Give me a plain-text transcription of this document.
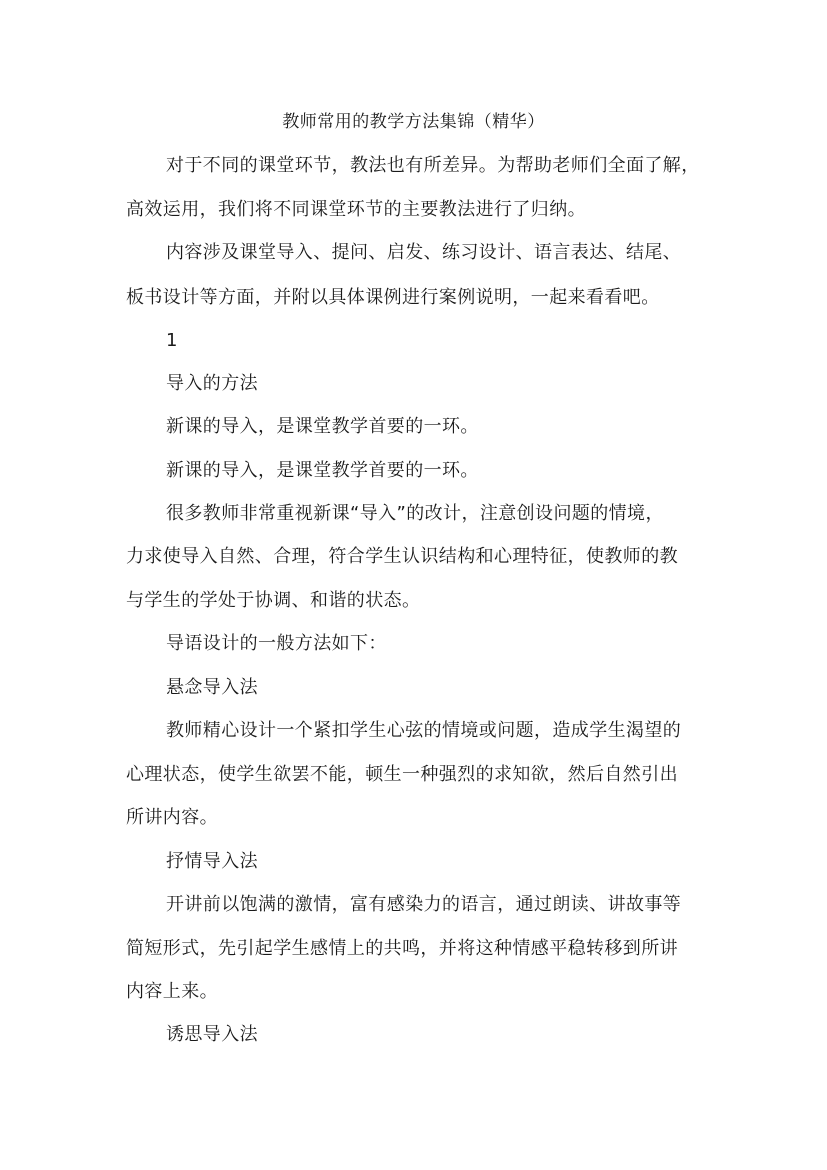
教师常用的教学方法集锦（精华）
对于不同的课堂环节，教法也有所差异。为帮助老师们全面了解，
高效运用，我们将不同课堂环节的主要教法进行了归纳。
内容涉及课堂导入、提问、启发、练习设计、语言表达、结尾、
板书设计等方面，并附以具体课例进行案例说明，一起来看看吧。
1
导入的方法
新课的导入，是课堂教学首要的一环。
新课的导入，是课堂教学首要的一环。
很多教师非常重视新课“导入”的改计，注意创设问题的情境，
力求使导入自然、合理，符合学生认识结构和心理特征，使教师的教
与学生的学处于协调、和谐的状态。
导语设计的一般方法如下：
悬念导入法
教师精心设计一个紧扣学生心弦的情境或问题，造成学生渴望的
心理状态，使学生欲罢不能，顿生一种强烈的求知欲，然后自然引出
所讲内容。
抒情导入法
开讲前以饱满的激情，富有感染力的语言，通过朗读、讲故事等
简短形式，先引起学生感情上的共鸣，并将这种情感平稳转移到所讲
内容上来。
诱思导入法
